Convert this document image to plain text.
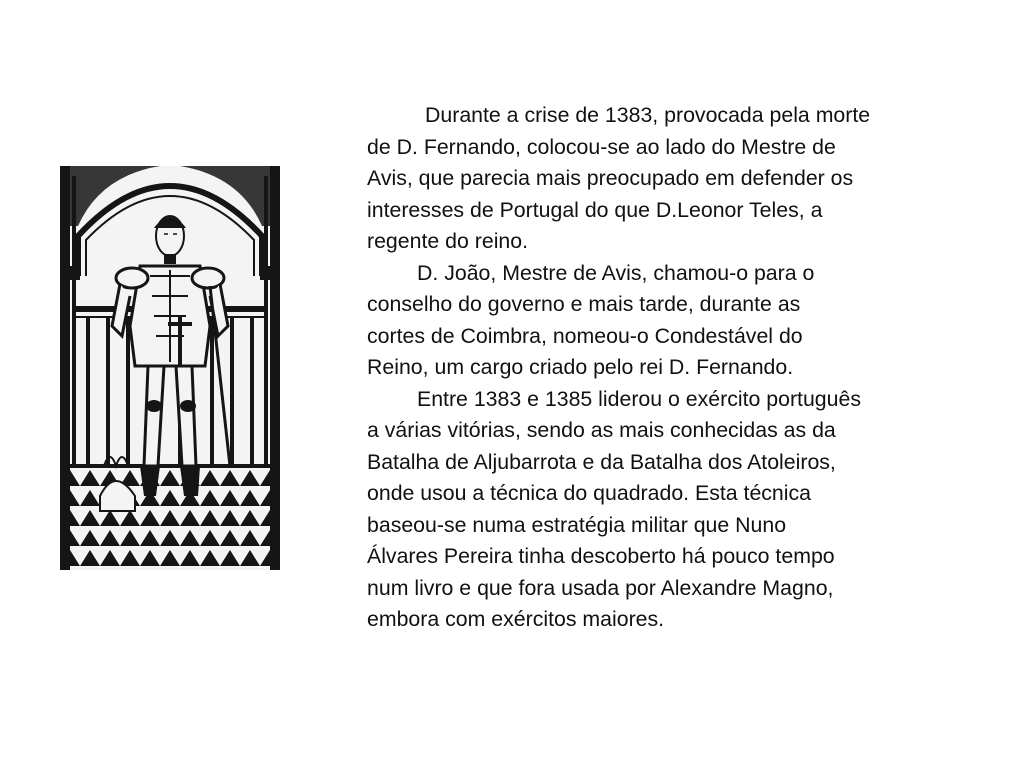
Durante a crise de 1383, provocada pela morte
de D. Fernando, colocou-se ao lado do Mestre de
Avis, que parecia mais preocupado em defender os
interesses de Portugal do que D.Leonor Teles, a
regente do reino.

D. João, Mestre de Avis, chamou-o para o
conselho do governo e mais tarde, durante as
cortes de Coimbra, nomeou-o Condestável do
Reino, um cargo criado pelo rei D. Fernando.

Entre 1383 e 1385 liderou o exército português
a várias vitórias, sendo as mais conhecidas as da
Batalha de Aljubarrota e da Batalha dos Atoleiros,
onde usou a técnica do quadrado. Esta técnica
baseou-se numa estratégia militar que Nuno
Álvares Pereira tinha descoberto há pouco tempo
num livro e que fora usada por Alexandre Magno,
embora com exércitos maiores.
